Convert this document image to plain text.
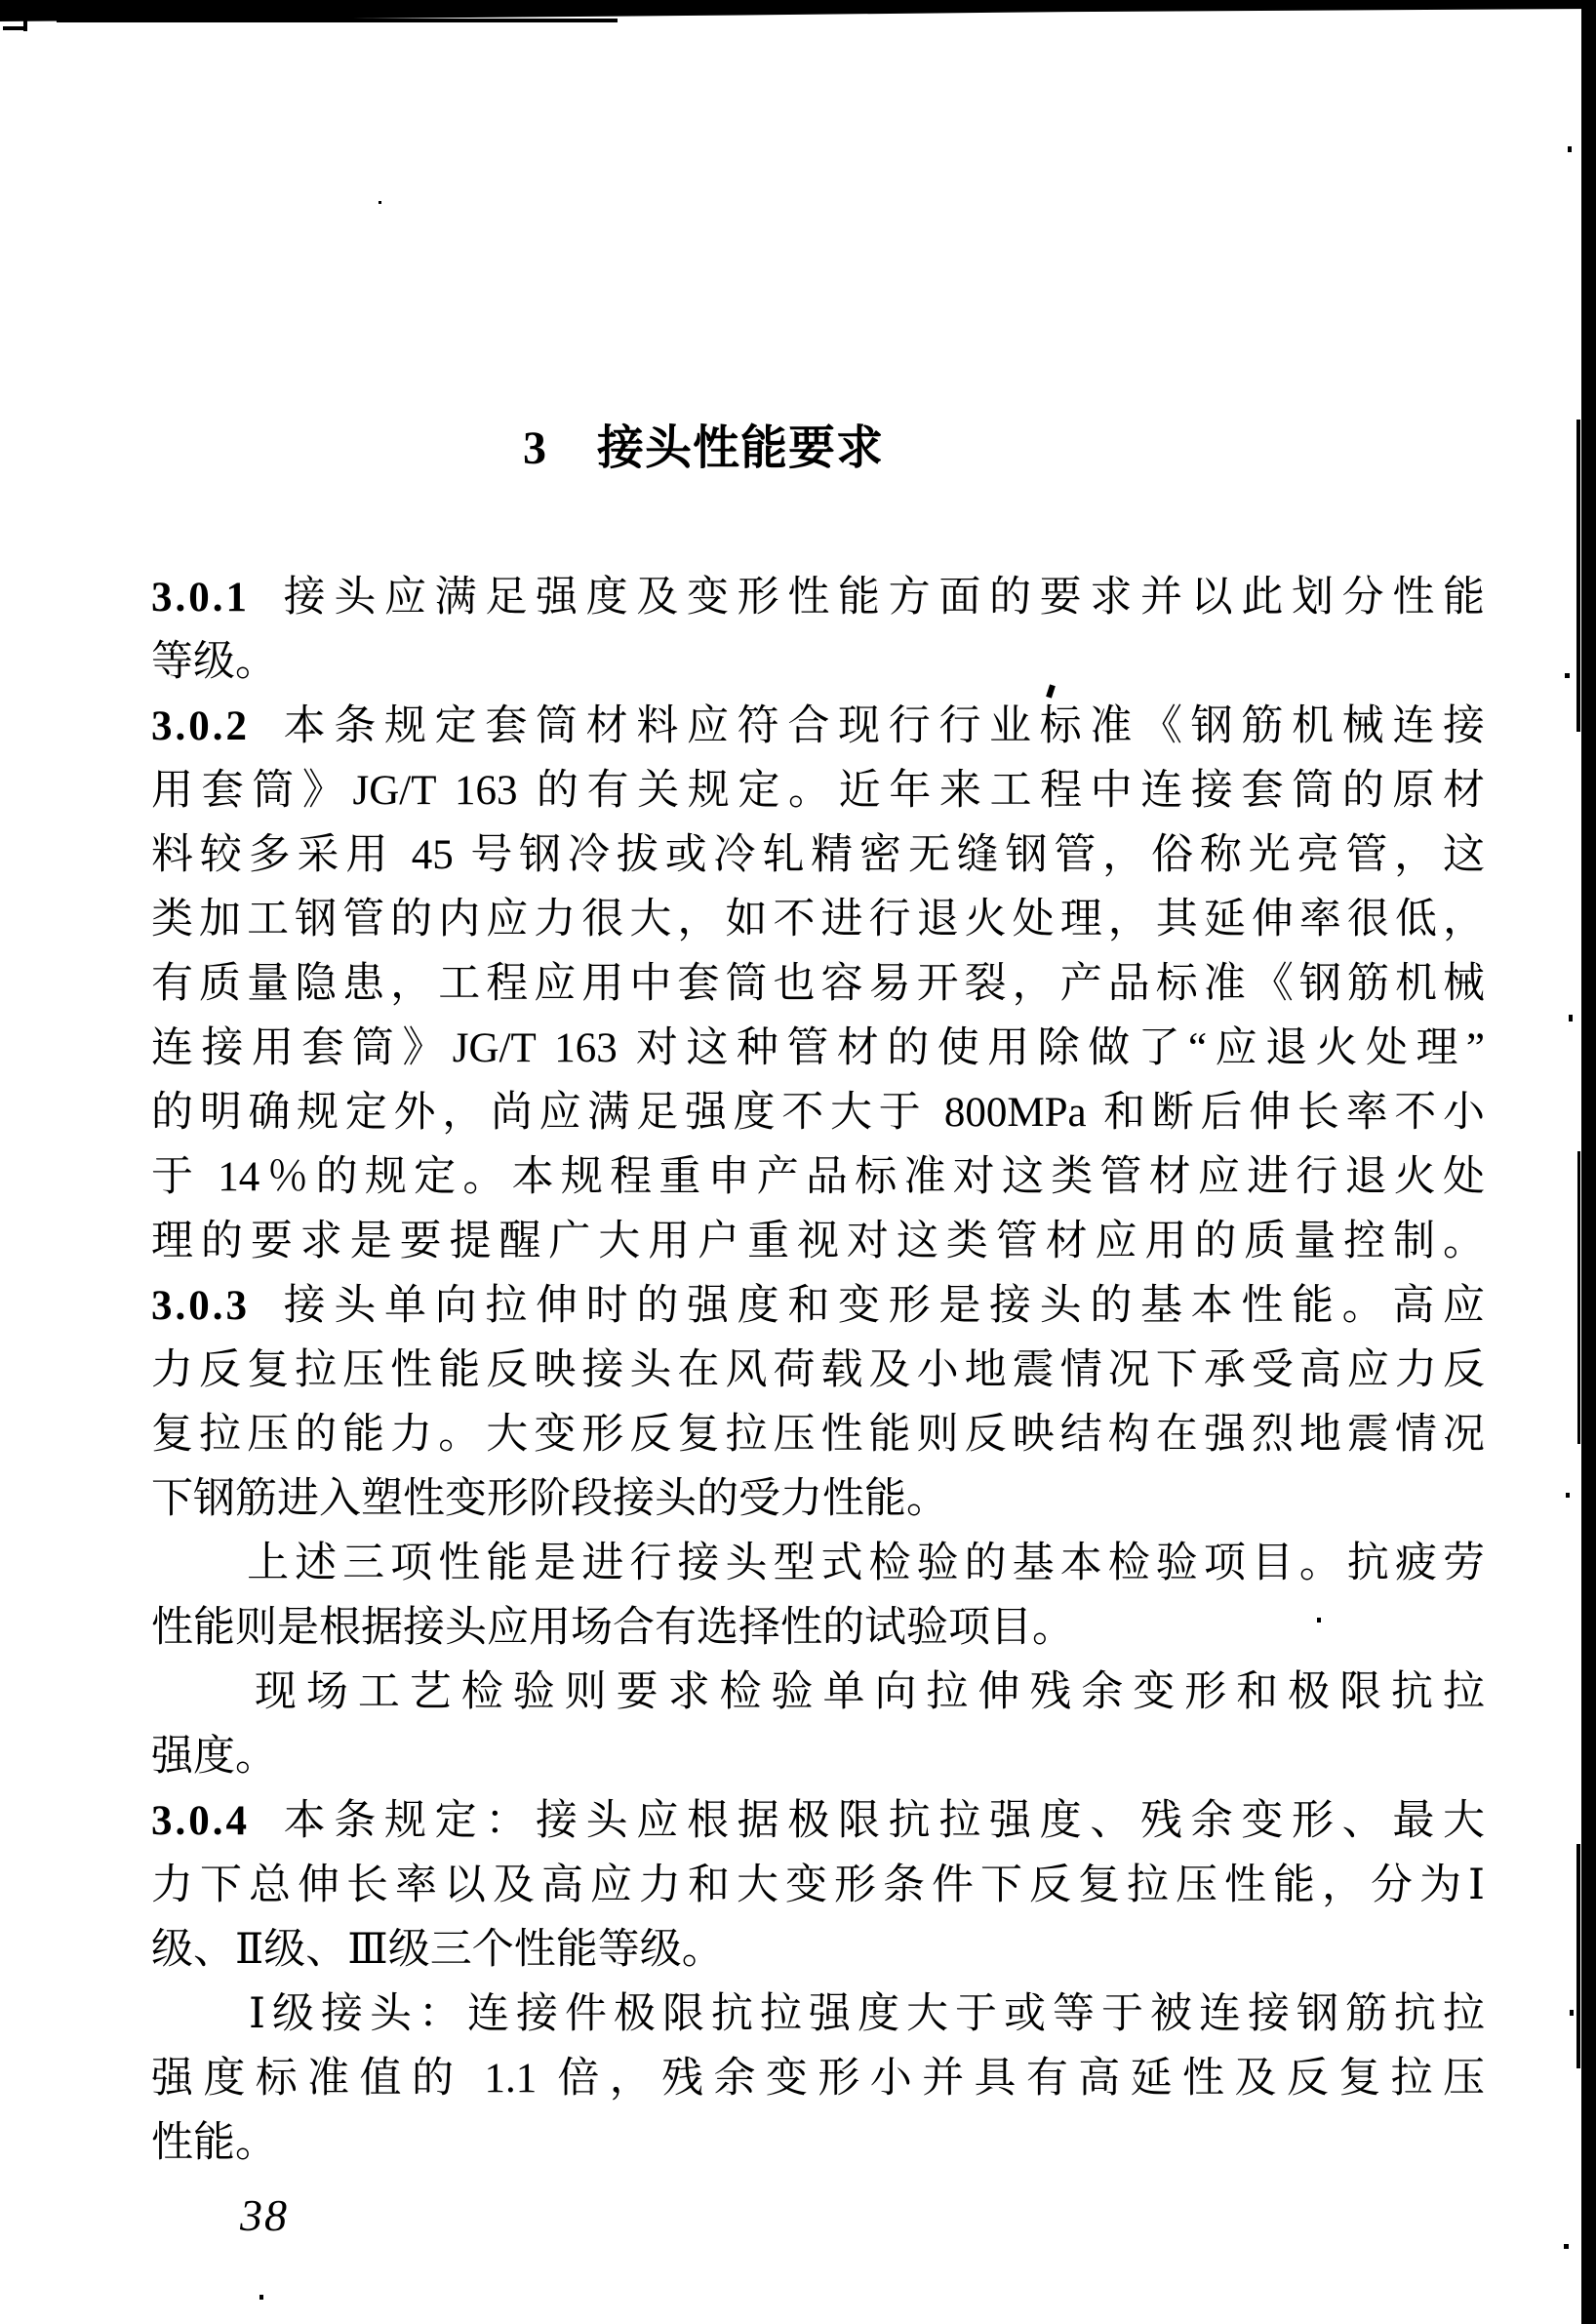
3 接头性能要求
3.0.1 接头应满足强度及变形性能方面的要求并以此划分性能
等级。
3.0.2 本条规定套筒材料应符合现行行业标准《钢筋机械连接
用套筒》JG/T 163 的有关规定。近年来工程中连接套筒的原材
料较多采用 45 号钢冷拔或冷轧精密无缝钢管，俗称光亮管，这
类加工钢管的内应力很大，如不进行退火处理，其延伸率很低，
有质量隐患，工程应用中套筒也容易开裂，产品标准《钢筋机械
连接用套筒》JG/T 163 对这种管材的使用除做了“应退火处理”
的明确规定外，尚应满足强度不大于 800MPa 和断后伸长率不小
于 14％的规定。本规程重申产品标准对这类管材应进行退火处
理的要求是要提醒广大用户重视对这类管材应用的质量控制。
3.0.3 接头单向拉伸时的强度和变形是接头的基本性能。高应
力反复拉压性能反映接头在风荷载及小地震情况下承受高应力反
复拉压的能力。大变形反复拉压性能则反映结构在强烈地震情况
下钢筋进入塑性变形阶段接头的受力性能。
　　上述三项性能是进行接头型式检验的基本检验项目。抗疲劳
性能则是根据接头应用场合有选择性的试验项目。
　　现场工艺检验则要求检验单向拉伸残余变形和极限抗拉
强度。
3.0.4 本条规定：接头应根据极限抗拉强度、残余变形、最大
力下总伸长率以及高应力和大变形条件下反复拉压性能，分为Ⅰ
级、Ⅱ级、Ⅲ级三个性能等级。
　　Ⅰ级接头：连接件极限抗拉强度大于或等于被连接钢筋抗拉
强度标准值的 1.1 倍，残余变形小并具有高延性及反复拉压
性能。
38
